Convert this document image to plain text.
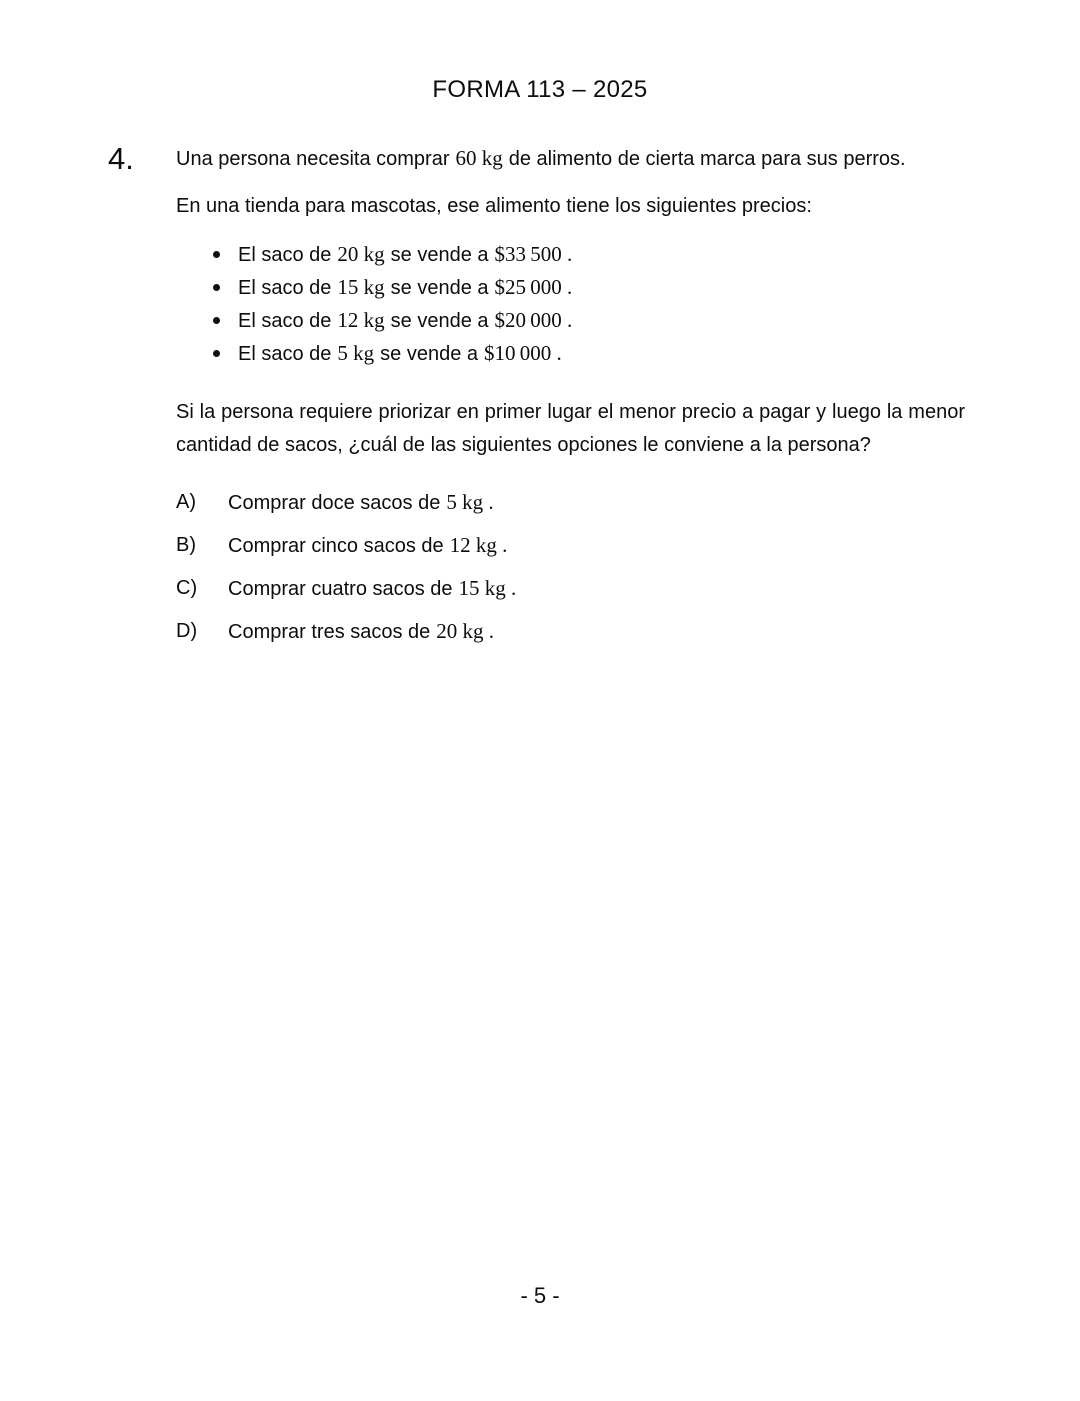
FORMA 113 – 2025
4.	Una persona necesita comprar 60 kg de alimento de cierta marca para sus perros.

En una tienda para mascotas, ese alimento tiene los siguientes precios:

El saco de 20 kg se vende a $33 500 .
El saco de 15 kg se vende a $25 000 .
El saco de 12 kg se vende a $20 000 .
El saco de 5 kg se vende a $10 000 .

Si la persona requiere priorizar en primer lugar el menor precio a pagar y luego la menor cantidad de sacos, ¿cuál de las siguientes opciones le conviene a la persona?

A)	Comprar doce sacos de 5 kg .
B)	Comprar cinco sacos de 12 kg .
C)	Comprar cuatro sacos de 15 kg .
D)	Comprar tres sacos de 20 kg .
- 5 -
